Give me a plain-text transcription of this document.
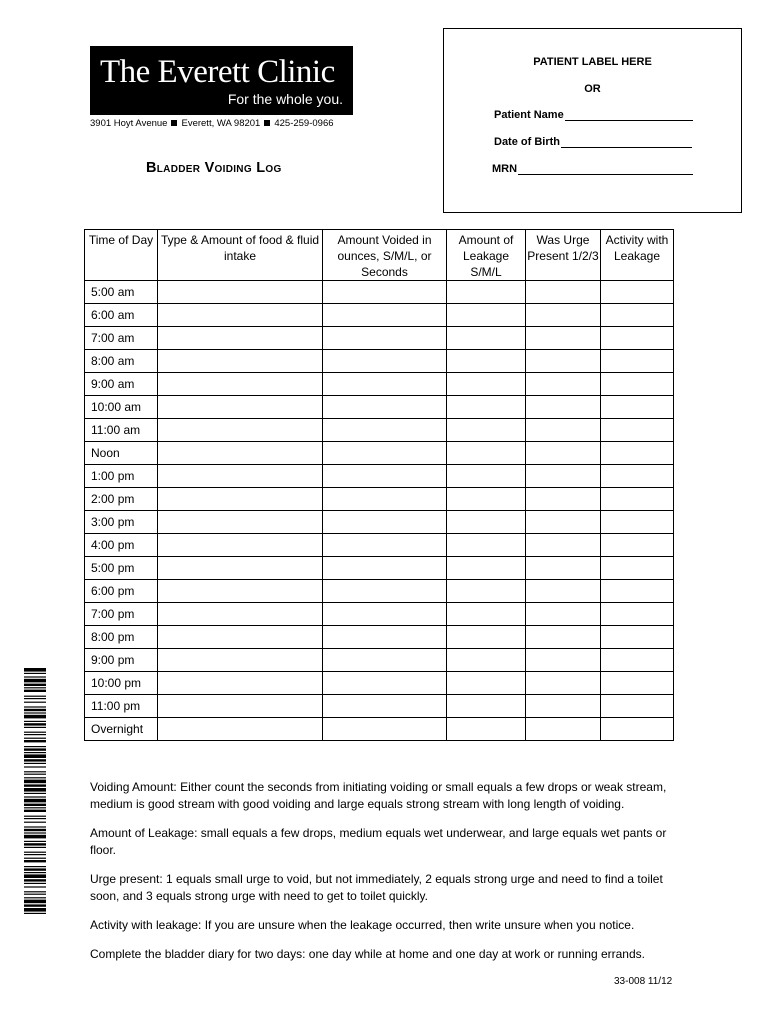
The Everett Clinic
For the whole you.
3901 Hoyt Avenue Everett, WA 98201 425-259-0966
Bladder Voiding Log
PATIENT LABEL HERE
OR
Patient Name
Date of Birth
MRN
Time of Day	Type & Amount of food & fluid intake	Amount Voided in ounces, S/M/L, or Seconds	Amount of Leakage S/M/L	Was Urge Present 1/2/3	Activity with Leakage
5:00 am					
6:00 am					
7:00 am					
8:00 am					
9:00 am					
10:00 am					
11:00 am					
Noon					
1:00 pm					
2:00 pm					
3:00 pm					
4:00 pm					
5:00 pm					
6:00 pm					
7:00 pm					
8:00 pm					
9:00 pm					
10:00 pm					
11:00 pm					
Overnight					

Voiding Amount: Either count the seconds from initiating voiding or small equals a few drops or weak stream, medium is good stream with good voiding and large equals strong stream with long length of voiding.

Amount of Leakage: small equals a few drops, medium equals wet underwear, and large equals wet pants or floor.

Urge present: 1 equals small urge to void, but not immediately, 2 equals strong urge and need to find a toilet soon, and 3 equals strong urge with need to get to toilet quickly.

Activity with leakage: If you are unsure when the leakage occurred, then write unsure when you notice.

Complete the bladder diary for two days: one day while at home and one day at work or running errands.

33-008 11/12
